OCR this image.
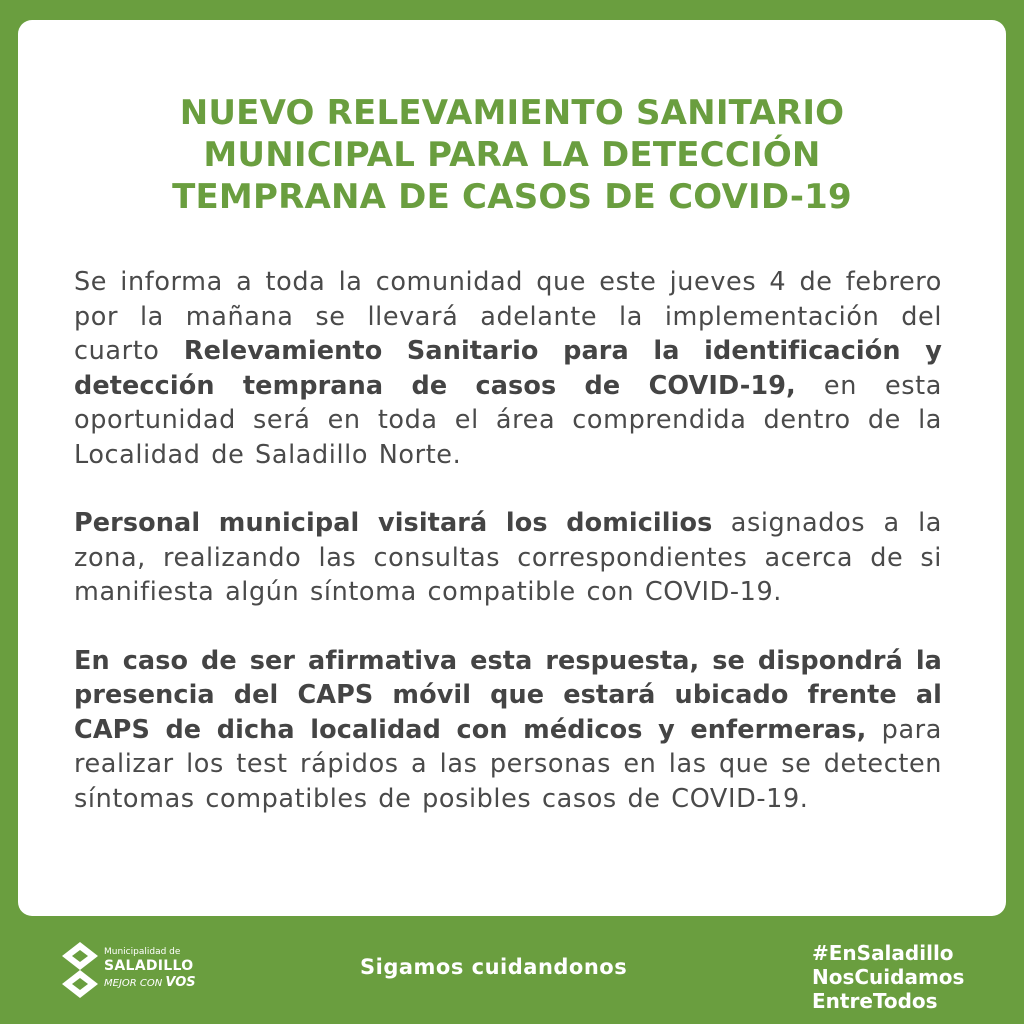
NUEVO RELEVAMIENTO SANITARIO
MUNICIPAL PARA LA DETECCIÓN
TEMPRANA DE CASOS DE COVID-19

Se informa a toda la comunidad que este jueves 4 de febrero por la mañana se llevará adelante la implementación del cuarto Relevamiento Sanitario para la identificación y detección temprana de casos de COVID-19, en esta oportunidad será en toda el área comprendida dentro de la Localidad de Saladillo Norte.

Personal municipal visitará los domicilios asignados a la zona, realizando las consultas correspondientes acerca de si manifiesta algún síntoma compatible con COVID-19.

En caso de ser afirmativa esta respuesta, se dispondrá la presencia del CAPS móvil que estará ubicado frente al CAPS de dicha localidad con médicos y enfermeras, para realizar los test rápidos a las personas en las que se detecten síntomas compatibles de posibles casos de COVID-19.

Municipalidad de
SALADILLO
MEJOR CON VOS
Sigamos cuidandonos
#EnSaladillo
NosCuidamos
EntreTodos
